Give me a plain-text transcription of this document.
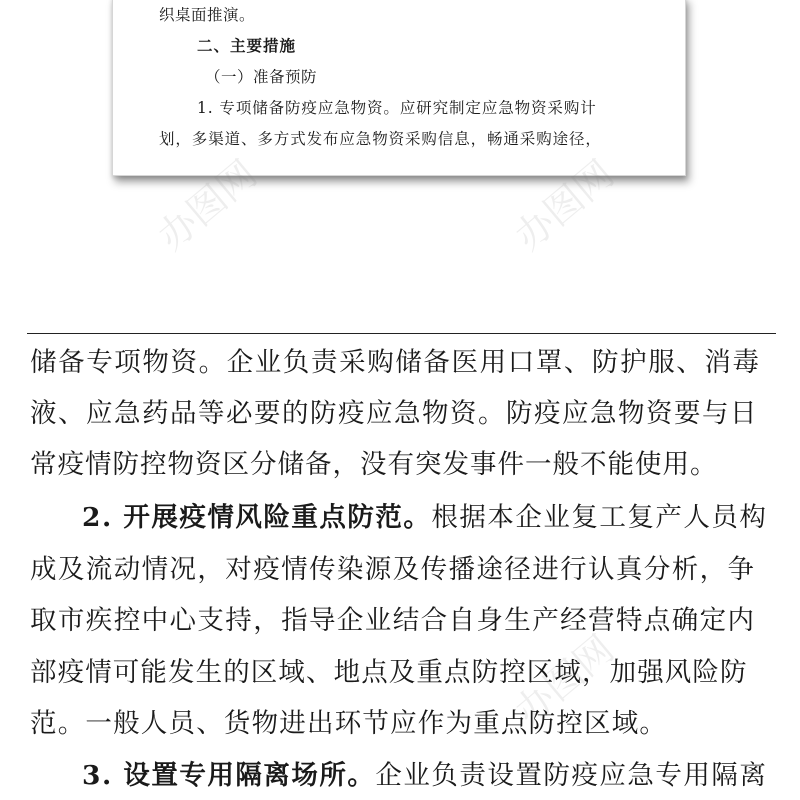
织桌面推演。
二、主要措施
（一）准备预防
1. 专项储备防疫应急物资。应研究制定应急物资采购计
划，多渠道、多方式发布应急物资采购信息，畅通采购途径，
办图网	办图网
办图网
储备专项物资。企业负责采购储备医用口罩、防护服、消毒
液、应急药品等必要的防疫应急物资。防疫应急物资要与日
常疫情防控物资区分储备，没有突发事件一般不能使用。
2. 开展疫情风险重点防范。根据本企业复工复产人员构
成及流动情况，对疫情传染源及传播途径进行认真分析，争
取市疾控中心支持，指导企业结合自身生产经营特点确定内
部疫情可能发生的区域、地点及重点防控区域，加强风险防
范。一般人员、货物进出环节应作为重点防控区域。
3. 设置专用隔离场所。企业负责设置防疫应急专用隔离
